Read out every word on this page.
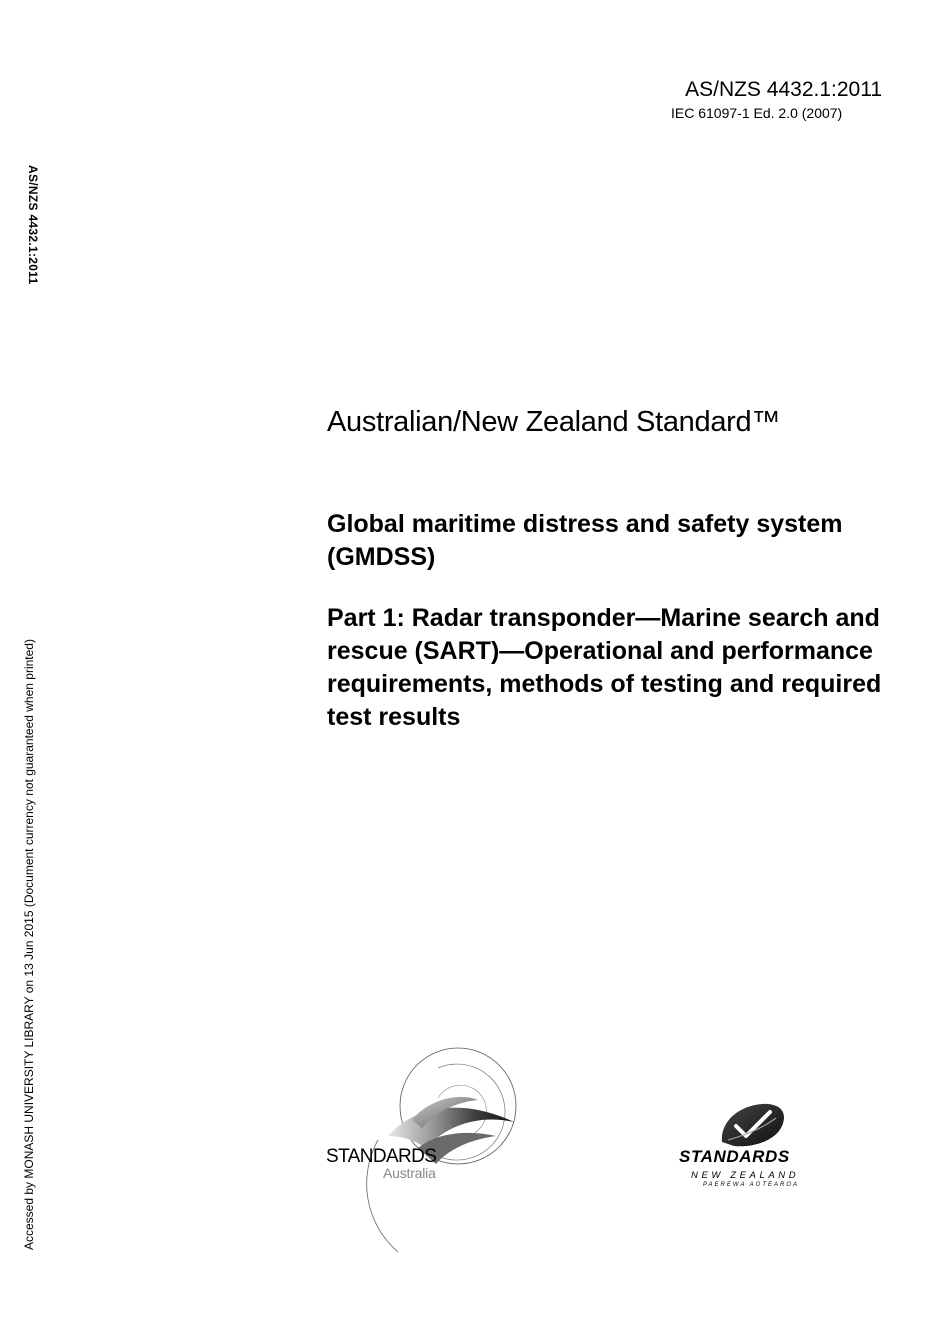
AS/NZS 4432.1:2011
IEC 61097-1 Ed. 2.0 (2007)
AS/NZS 4432.1:2011
Accessed by MONASH UNIVERSITY LIBRARY on 13 Jun 2015 (Document currency not guaranteed when printed)
Australian/New Zealand Standard™
Global maritime distress and safety system (GMDSS)
Part 1: Radar transponder—Marine search and rescue (SART)—Operational and performance requirements, methods of testing and required test results
STANDARDS
Australia
STANDARDS
NEW ZEALAND
PAEREWA AOTEAROA
